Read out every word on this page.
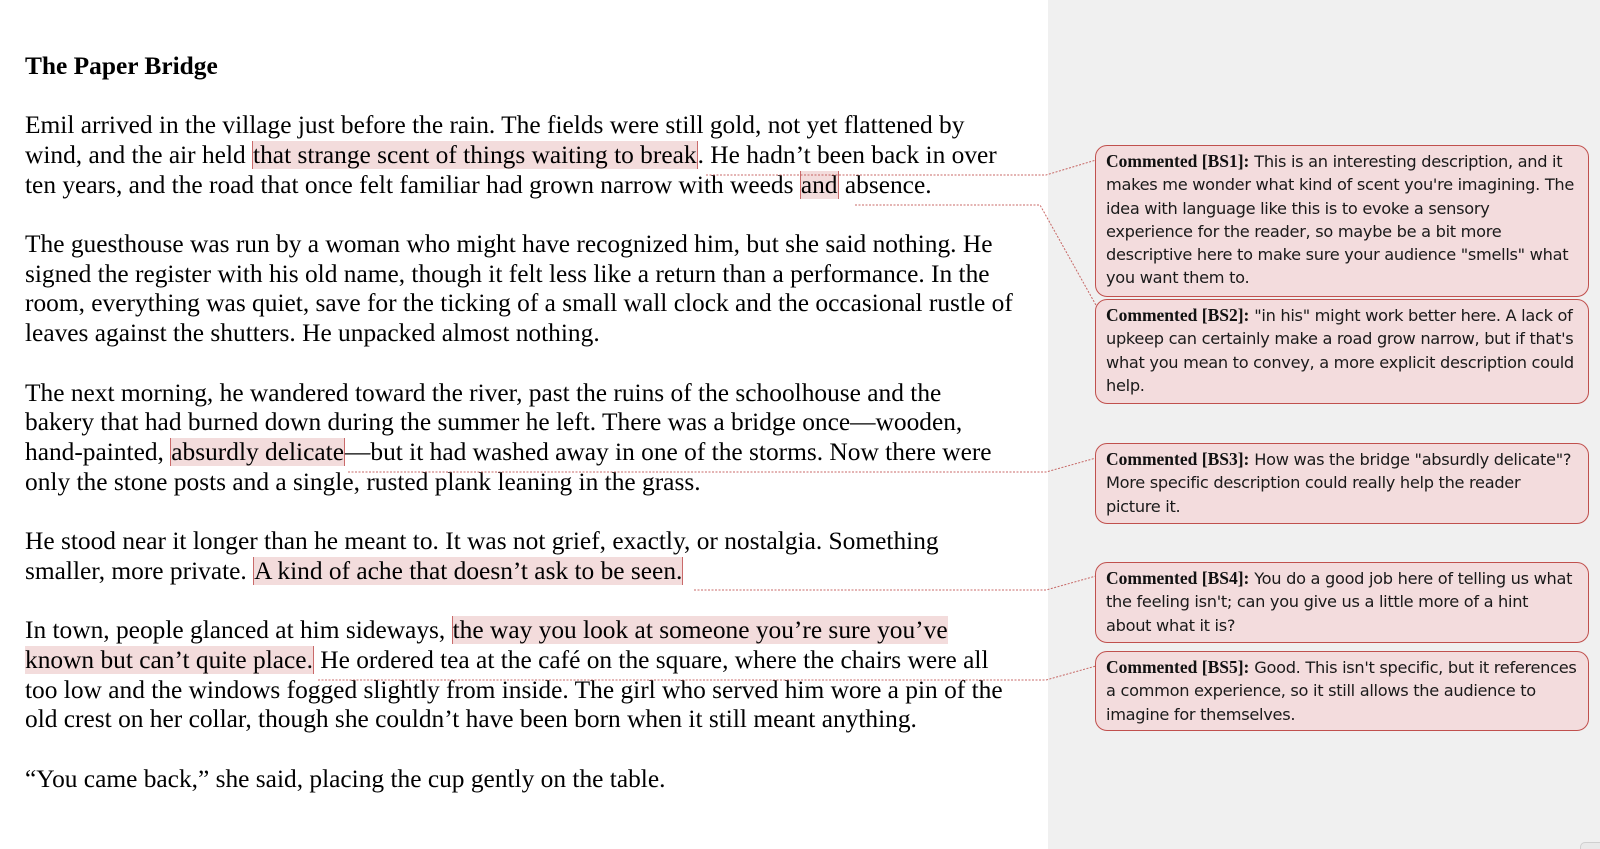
The Paper Bridge

Emil arrived in the village just before the rain. The fields were still gold, not yet flattened by
wind, and the air held that strange scent of things waiting to break. He hadn’t been back in over
ten years, and the road that once felt familiar had grown narrow with weeds and absence.

The guesthouse was run by a woman who might have recognized him, but she said nothing. He
signed the register with his old name, though it felt less like a return than a performance. In the
room, everything was quiet, save for the ticking of a small wall clock and the occasional rustle of
leaves against the shutters. He unpacked almost nothing.

The next morning, he wandered toward the river, past the ruins of the schoolhouse and the
bakery that had burned down during the summer he left. There was a bridge once—wooden,
hand-painted, absurdly delicate—but it had washed away in one of the storms. Now there were
only the stone posts and a single, rusted plank leaning in the grass.

He stood near it longer than he meant to. It was not grief, exactly, or nostalgia. Something
smaller, more private. A kind of ache that doesn’t ask to be seen.

In town, people glanced at him sideways, the way you look at someone you’re sure you’ve
known but can’t quite place. He ordered tea at the café on the square, where the chairs were all
too low and the windows fogged slightly from inside. The girl who served him wore a pin of the
old crest on her collar, though she couldn’t have been born when it still meant anything.

“You came back,” she said, placing the cup gently on the table.

Commented [BS1]: This is an interesting description, and it makes me wonder what kind of scent you're imagining. The idea with language like this is to evoke a sensory experience for the reader, so maybe be a bit more descriptive here to make sure your audience "smells" what you want them to.
Commented [BS2]: "in his" might work better here. A lack of upkeep can certainly make a road grow narrow, but if that's what you mean to convey, a more explicit description could help.
Commented [BS3]: How was the bridge "absurdly delicate"? More specific description could really help the reader picture it.
Commented [BS4]: You do a good job here of telling us what the feeling isn't; can you give us a little more of a hint about what it is?
Commented [BS5]: Good. This isn't specific, but it references a common experience, so it still allows the audience to imagine for themselves.
